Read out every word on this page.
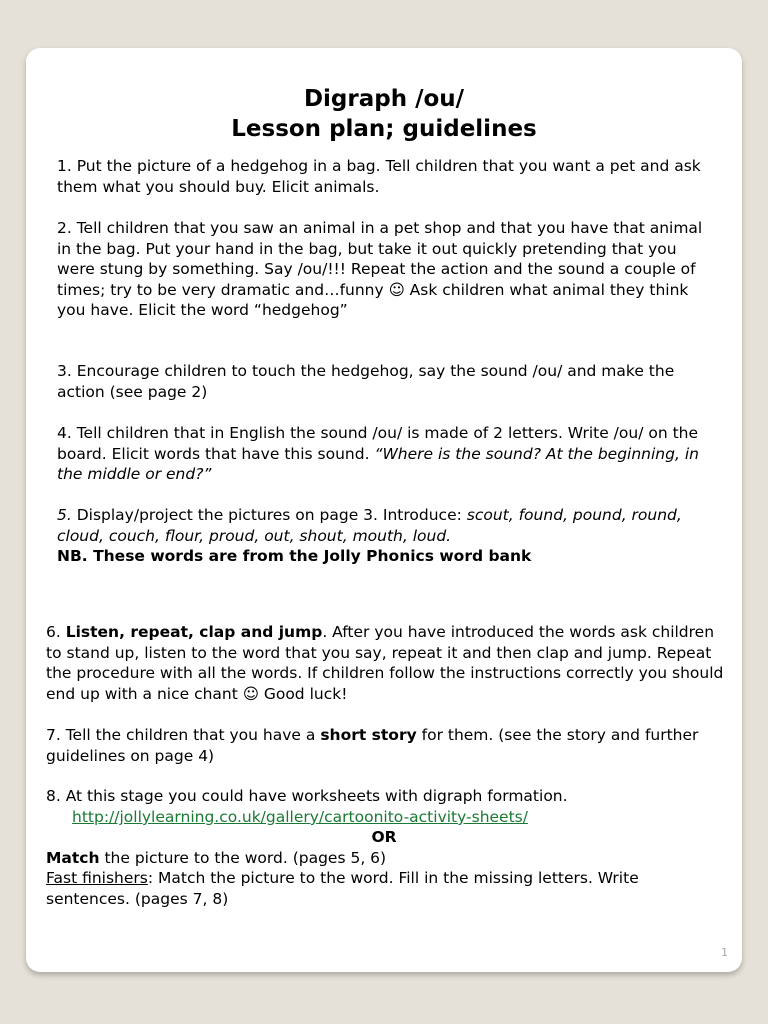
Digraph /ou/
Lesson plan; guidelines

1. Put the picture of a hedgehog in a bag. Tell children that you want a pet and ask them what you should buy. Elicit animals.

2. Tell children that you saw an animal in a pet shop and that you have that animal in the bag. Put your hand in the bag, but take it out quickly pretending that you were stung by something. Say /ou/!!! Repeat the action and the sound a couple of times; try to be very dramatic and…funny ☺ Ask children what animal they think you have. Elicit the word “hedgehog”

3. Encourage children to touch the hedgehog, say the sound /ou/ and make the action (see page 2)

4. Tell children that in English the sound /ou/ is made of 2 letters. Write /ou/ on the board. Elicit words that have this sound. “Where is the sound? At the beginning, in the middle or end?”

5. Display/project the pictures on page 3. Introduce: scout, found, pound, round, cloud, couch, flour, proud, out, shout, mouth, loud.

NB. These words are from the Jolly Phonics word bank

6. Listen, repeat, clap and jump. After you have introduced the words ask children to stand up, listen to the word that you say, repeat it and then clap and jump. Repeat the procedure with all the words. If children follow the instructions correctly you should end up with a nice chant ☺ Good luck!

7. Tell the children that you have a short story for them. (see the story and further guidelines on page 4)

8. At this stage you could have worksheets with digraph formation.

http://jollylearning.co.uk/gallery/cartoonito-activity-sheets/

OR

Match the picture to the word. (pages 5, 6)

Fast finishers: Match the picture to the word. Fill in the missing letters. Write sentences. (pages 7, 8)

1
